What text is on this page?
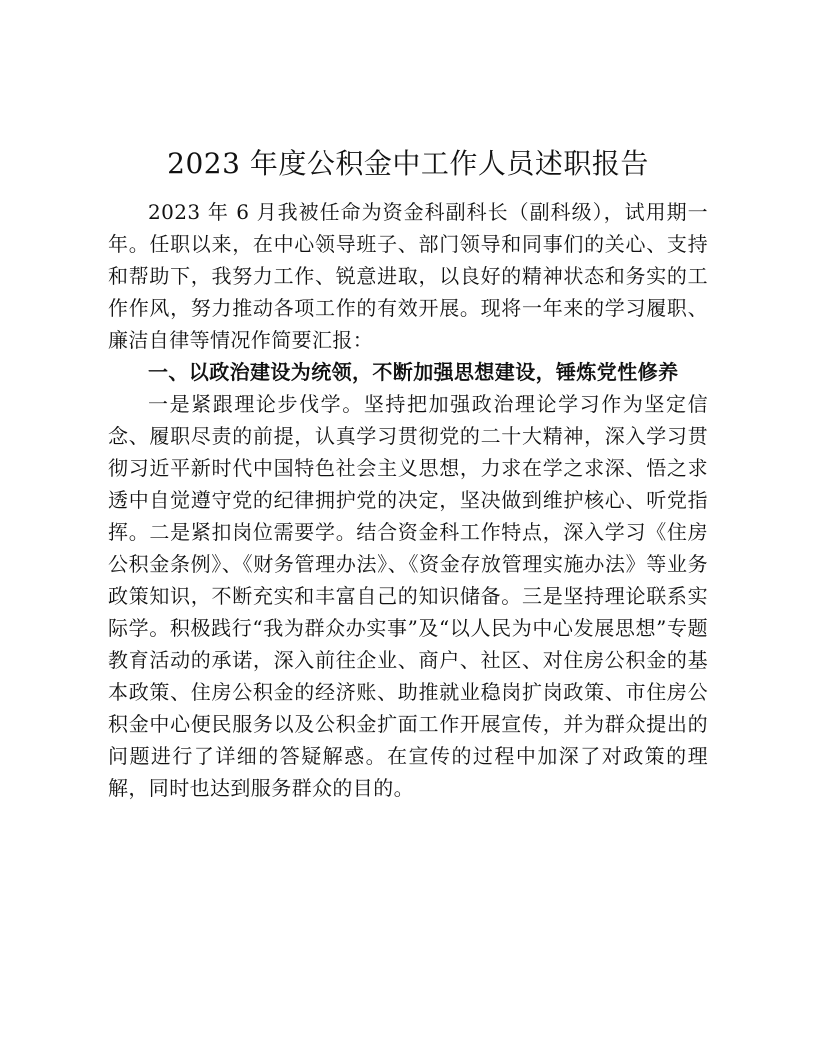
2023 年度公积金中工作人员述职报告

2023 年 6 月我被任命为资金科副科长（副科级），试用期一年。任职以来，在中心领导班子、部门领导和同事们的关心、支持和帮助下，我努力工作、锐意进取，以良好的精神状态和务实的工作作风，努力推动各项工作的有效开展。现将一年来的学习履职、廉洁自律等情况作简要汇报：

一、以政治建设为统领，不断加强思想建设，锤炼党性修养

一是紧跟理论步伐学。坚持把加强政治理论学习作为坚定信念、履职尽责的前提，认真学习贯彻党的二十大精神，深入学习贯彻习近平新时代中国特色社会主义思想，力求在学之求深、悟之求透中自觉遵守党的纪律拥护党的决定，坚决做到维护核心、听党指挥。二是紧扣岗位需要学。结合资金科工作特点，深入学习《住房公积金条例》、《财务管理办法》、《资金存放管理实施办法》等业务政策知识，不断充实和丰富自己的知识储备。三是坚持理论联系实际学。积极践行“我为群众办实事”及“以人民为中心发展思想”专题教育活动的承诺，深入前往企业、商户、社区、对住房公积金的基本政策、住房公积金的经济账、助推就业稳岗扩岗政策、市住房公积金中心便民服务以及公积金扩面工作开展宣传，并为群众提出的问题进行了详细的答疑解惑。在宣传的过程中加深了对政策的理解，同时也达到服务群众的目的。
